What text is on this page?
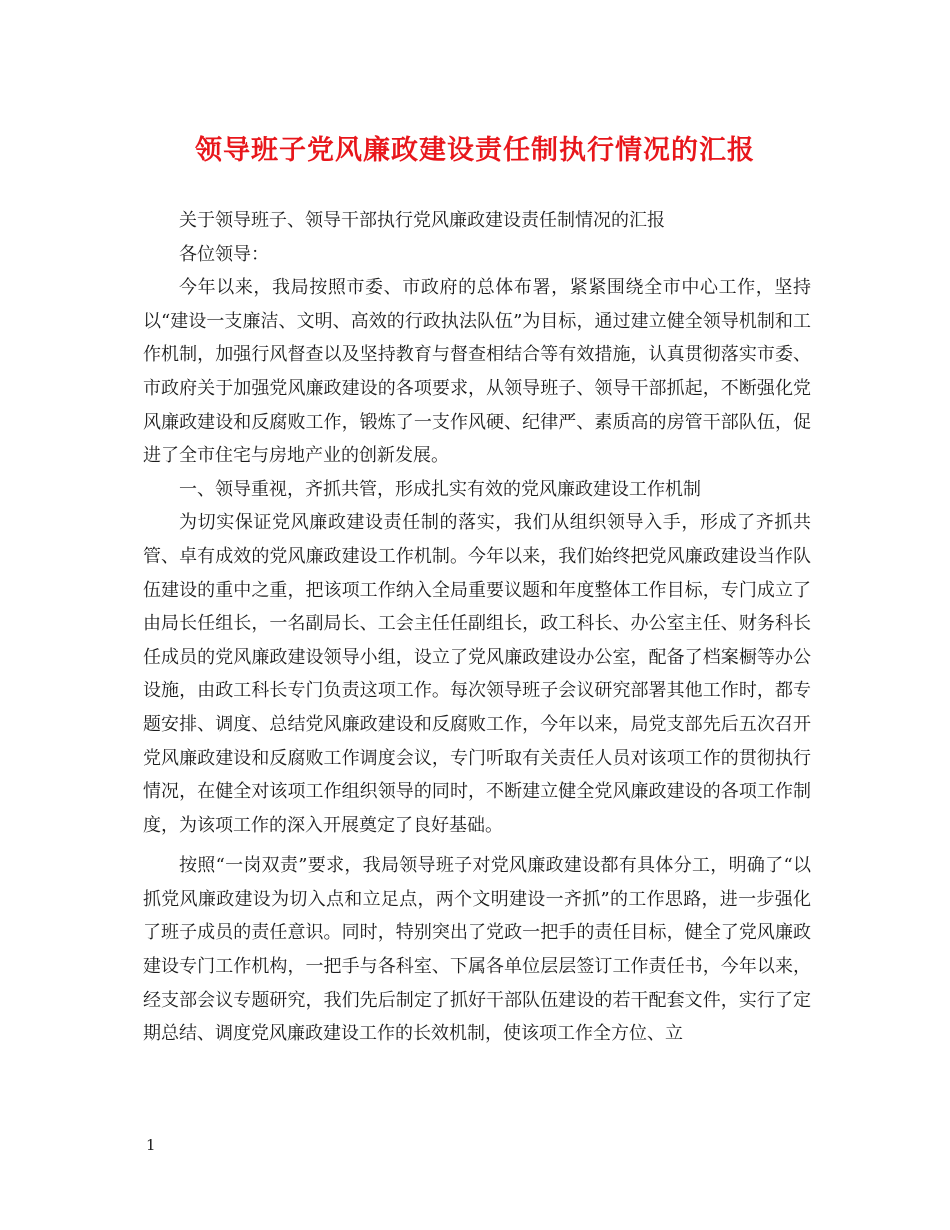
领导班子党风廉政建设责任制执行情况的汇报

关于领导班子、领导干部执行党风廉政建设责任制情况的汇报

各位领导：

今年以来，我局按照市委、市政府的总体布署，紧紧围绕全市中心工作，坚持以“建设一支廉洁、文明、高效的行政执法队伍”为目标，通过建立健全领导机制和工作机制，加强行风督查以及坚持教育与督查相结合等有效措施，认真贯彻落实市委、市政府关于加强党风廉政建设的各项要求，从领导班子、领导干部抓起，不断强化党风廉政建设和反腐败工作，锻炼了一支作风硬、纪律严、素质高的房管干部队伍，促进了全市住宅与房地产业的创新发展。

一、领导重视，齐抓共管，形成扎实有效的党风廉政建设工作机制

为切实保证党风廉政建设责任制的落实，我们从组织领导入手，形成了齐抓共管、卓有成效的党风廉政建设工作机制。今年以来，我们始终把党风廉政建设当作队伍建设的重中之重，把该项工作纳入全局重要议题和年度整体工作目标，专门成立了由局长任组长，一名副局长、工会主任任副组长，政工科长、办公室主任、财务科长任成员的党风廉政建设领导小组，设立了党风廉政建设办公室，配备了档案橱等办公设施，由政工科长专门负责这项工作。每次领导班子会议研究部署其他工作时，都专题安排、调度、总结党风廉政建设和反腐败工作，今年以来，局党支部先后五次召开党风廉政建设和反腐败工作调度会议，专门听取有关责任人员对该项工作的贯彻执行情况，在健全对该项工作组织领导的同时，不断建立健全党风廉政建设的各项工作制度，为该项工作的深入开展奠定了良好基础。

按照“一岗双责”要求，我局领导班子对党风廉政建设都有具体分工，明确了“以抓党风廉政建设为切入点和立足点，两个文明建设一齐抓”的工作思路，进一步强化了班子成员的责任意识。同时，特别突出了党政一把手的责任目标，健全了党风廉政建设专门工作机构，一把手与各科室、下属各单位层层签订工作责任书，今年以来，经支部会议专题研究，我们先后制定了抓好干部队伍建设的若干配套文件，实行了定期总结、调度党风廉政建设工作的长效机制，使该项工作全方位、立

1
